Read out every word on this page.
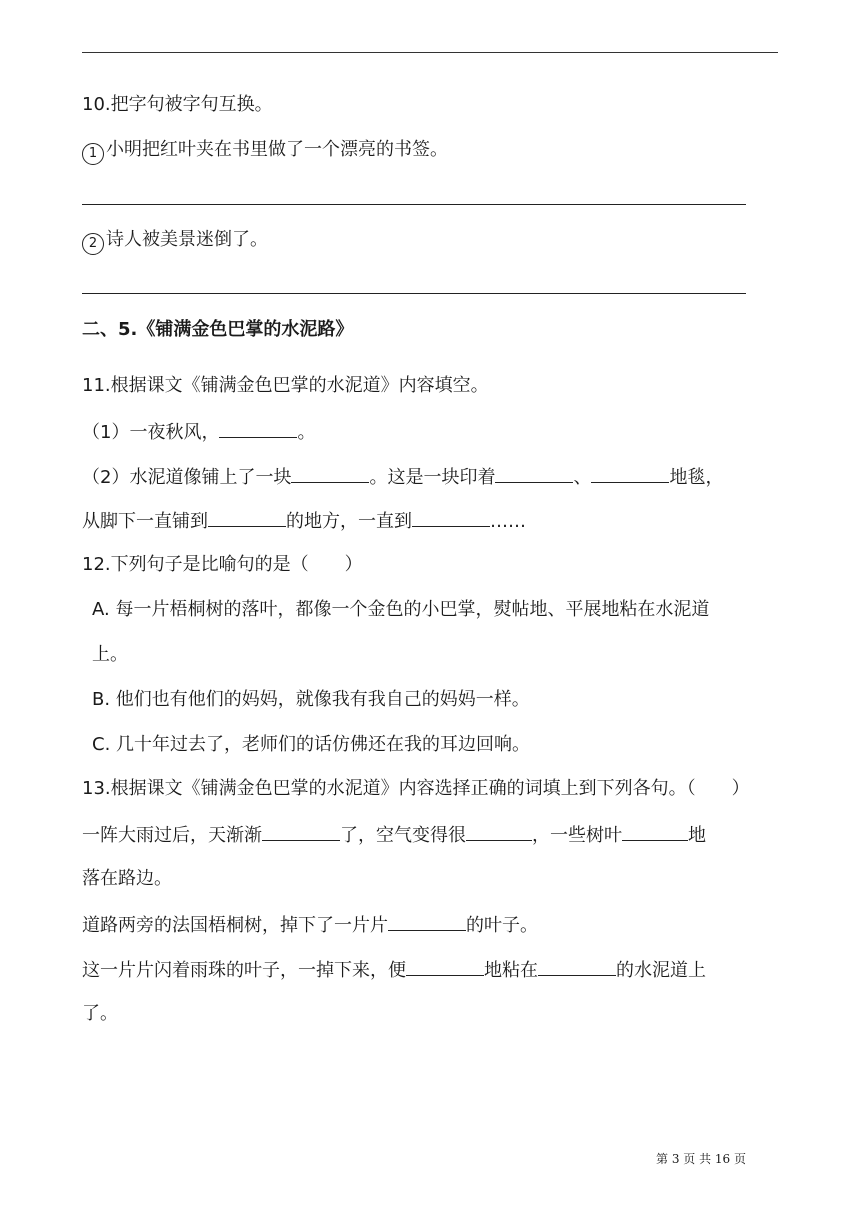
10.把字句被字句互换。
1 小明把红叶夹在书里做了一个漂亮的书签。
2 诗人被美景迷倒了。
二、5.《铺满金色巴掌的水泥路》
11.根据课文《铺满金色巴掌的水泥道》内容填空。
（1）一夜秋风，	。
（2）水泥道像铺上了一块	。这是一块印着	、	地毯，
从脚下一直铺到	的地方，一直到	……
12.下列句子是比喻句的是（　　）
A. 每一片梧桐树的落叶，都像一个金色的小巴掌，熨帖地、平展地粘在水泥道
上。
B. 他们也有他们的妈妈，就像我有我自己的妈妈一样。
C. 几十年过去了，老师们的话仿佛还在我的耳边回响。
13.根据课文《铺满金色巴掌的水泥道》内容选择正确的词填上到下列各句。（　　）
一阵大雨过后，天渐渐	了，空气变得很	，一些树叶	地
落在路边。
道路两旁的法国梧桐树，掉下了一片片	的叶子。
这一片片闪着雨珠的叶子，一掉下来，便	地粘在	的水泥道上
了。
第 3 页 共 16 页
